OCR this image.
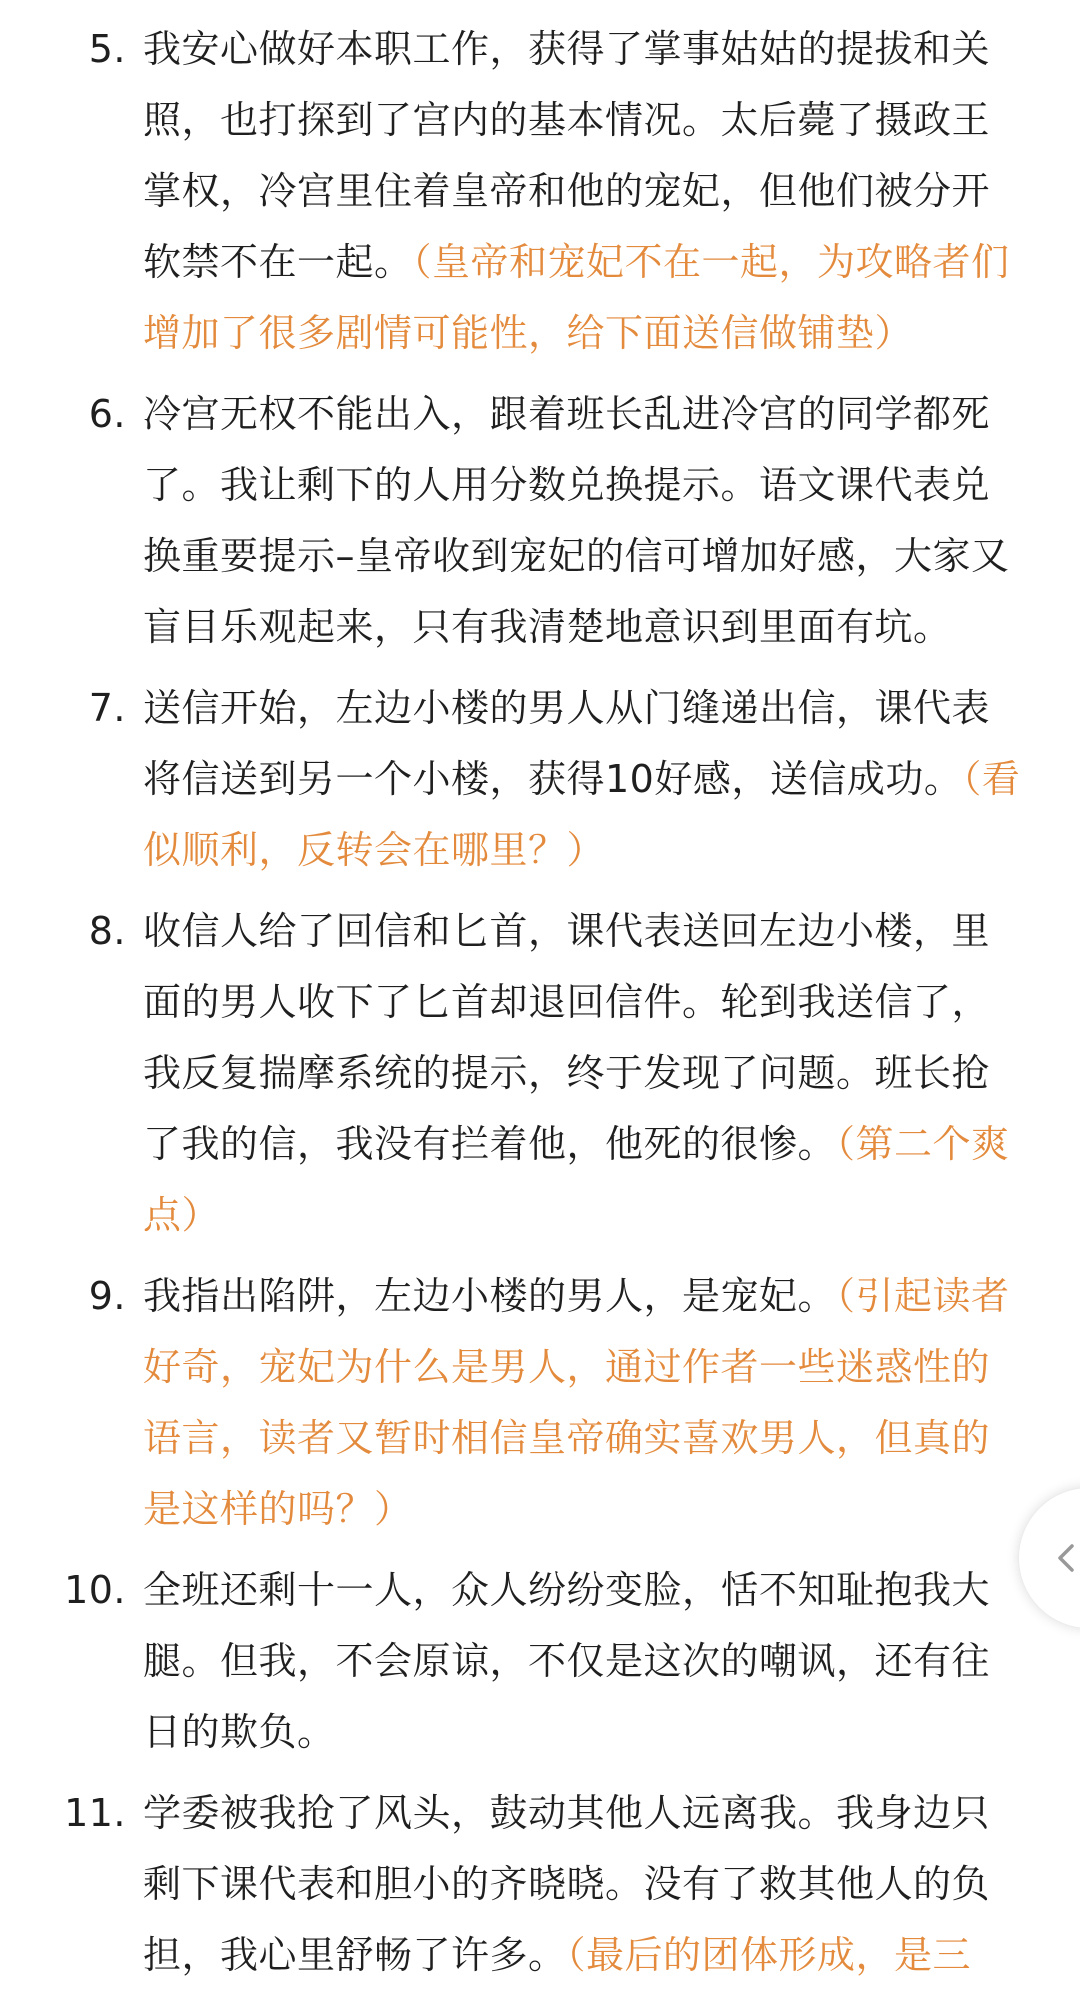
5. 我安心做好本职工作，获得了掌事姑姑的提拔和关照，也打探到了宫内的基本情况。太后薨了摄政王掌权，冷宫里住着皇帝和他的宠妃，但他们被分开软禁不在一起。（皇帝和宠妃不在一起，为攻略者们增加了很多剧情可能性，给下面送信做铺垫）
6. 冷宫无权不能出入，跟着班长乱进冷宫的同学都死了。我让剩下的人用分数兑换提示。语文课代表兑换重要提示–皇帝收到宠妃的信可增加好感，大家又盲目乐观起来，只有我清楚地意识到里面有坑。
7. 送信开始，左边小楼的男人从门缝递出信，课代表将信送到另一个小楼，获得10好感，送信成功。（看似顺利，反转会在哪里？）
8. 收信人给了回信和匕首，课代表送回左边小楼，里面的男人收下了匕首却退回信件。轮到我送信了，我反复揣摩系统的提示，终于发现了问题。班长抢了我的信，我没有拦着他，他死的很惨。（第二个爽点）
9. 我指出陷阱，左边小楼的男人，是宠妃。（引起读者好奇，宠妃为什么是男人，通过作者一些迷惑性的语言，读者又暂时相信皇帝确实喜欢男人，但真的是这样的吗？）
10. 全班还剩十一人，众人纷纷变脸，恬不知耻抱我大腿。但我，不会原谅，不仅是这次的嘲讽，还有往日的欺负。
11. 学委被我抢了风头，鼓动其他人远离我。我身边只剩下课代表和胆小的齐晓晓。没有了救其他人的负担，我心里舒畅了许多。（最后的团体形成，是三
